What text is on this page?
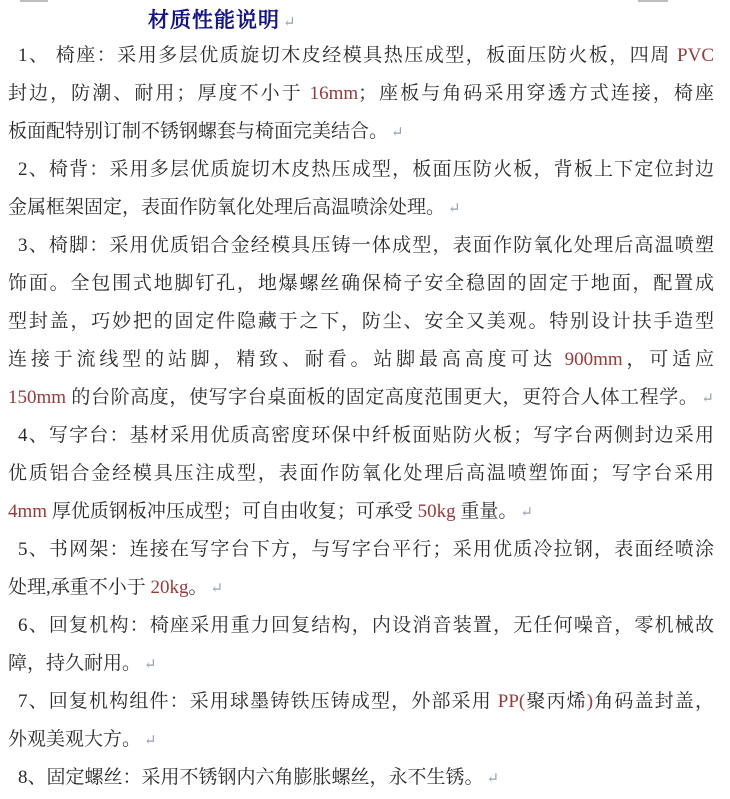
材质性能说明 ↵
1、 椅座：采用多层优质旋切木皮经模具热压成型，板面压防火板，四周 PVC
封边，防潮、耐用；厚度不小于 16mm；座板与角码采用穿透方式连接，椅座
板面配特别订制不锈钢螺套与椅面完美结合。 ↵
2、椅背：采用多层优质旋切木皮热压成型，板面压防火板，背板上下定位封边
金属框架固定，表面作防氧化处理后高温喷涂处理。 ↵
3、椅脚：采用优质铝合金经模具压铸一体成型，表面作防氧化处理后高温喷塑
饰面。全包围式地脚钉孔，地爆螺丝确保椅子安全稳固的固定于地面，配置成
型封盖，巧妙把的固定件隐藏于之下，防尘、安全又美观。特别设计扶手造型
连接于流线型的站脚，精致、耐看。站脚最高高度可达 900mm，可适应
150mm 的台阶高度，使写字台桌面板的固定高度范围更大，更符合人体工程学。 ↵
4、写字台：基材采用优质高密度环保中纤板面贴防火板；写字台两侧封边采用
优质铝合金经模具压注成型，表面作防氧化处理后高温喷塑饰面；写字台采用
4mm 厚优质钢板冲压成型；可自由收复；可承受 50kg 重量。 ↵
5、书网架：连接在写字台下方，与写字台平行；采用优质冷拉钢，表面经喷涂
处理,承重不小于 20kg。 ↵
6、回复机构：椅座采用重力回复结构，内设消音装置，无任何噪音，零机械故
障，持久耐用。 ↵
7、回复机构组件：采用球墨铸铁压铸成型，外部采用 PP(聚丙烯)角码盖封盖，
外观美观大方。 ↵
8、固定螺丝：采用不锈钢内六角膨胀螺丝，永不生锈。 ↵
